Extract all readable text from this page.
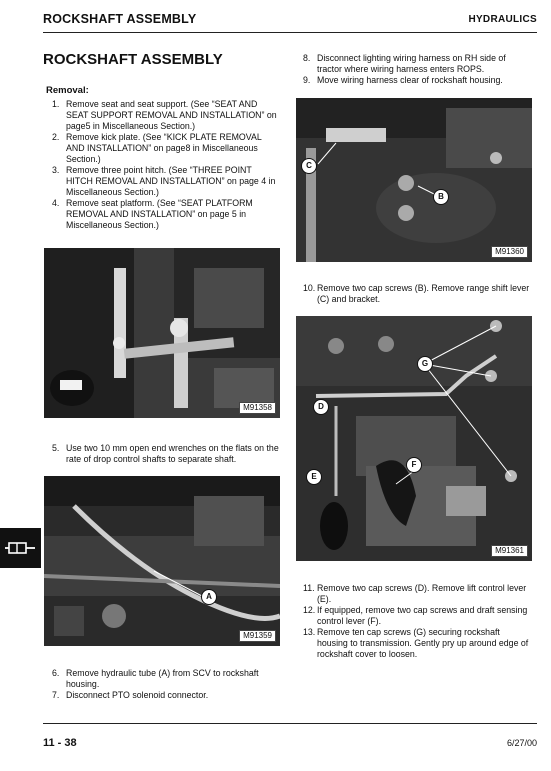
ROCKSHAFT ASSEMBLY	HYDRAULICS
ROCKSHAFT ASSEMBLY
Removal:
1. Remove seat and seat support. (See “SEAT AND SEAT SUPPORT REMOVAL AND INSTALLATION” on page5 in Miscellaneous Section.)
2. Remove kick plate. (See “KICK PLATE REMOVAL AND INSTALLATION” on page8 in Miscellaneous Section.)
3. Remove three point hitch. (See “THREE POINT HITCH REMOVAL AND INSTALLATION” on page 4 in Miscellaneous Section.)
4. Remove seat platform. (See “SEAT PLATFORM REMOVAL AND INSTALLATION” on page 5 in Miscellaneous Section.)
M91358
5. Use two 10 mm open end wrenches on the flats on the rate of drop control shafts to separate shaft.
A
M91359
6. Remove hydraulic tube (A) from SCV to rockshaft housing.
7. Disconnect PTO solenoid connector.
8. Disconnect lighting wiring harness on RH side of tractor where wiring harness enters ROPS.
9. Move wiring harness clear of rockshaft housing.
C
B
M91360
10. Remove two cap screws (B). Remove range shift lever (C) and bracket.
G
D
F
E
M91361
11. Remove two cap screws (D). Remove lift control lever (E).
12. If equipped, remove two cap screws and draft sensing control lever (F).
13. Remove ten cap screws (G) securing rockshaft housing to transmission. Gently pry up around edge of rockshaft cover to loosen.
11 - 38	6/27/00
